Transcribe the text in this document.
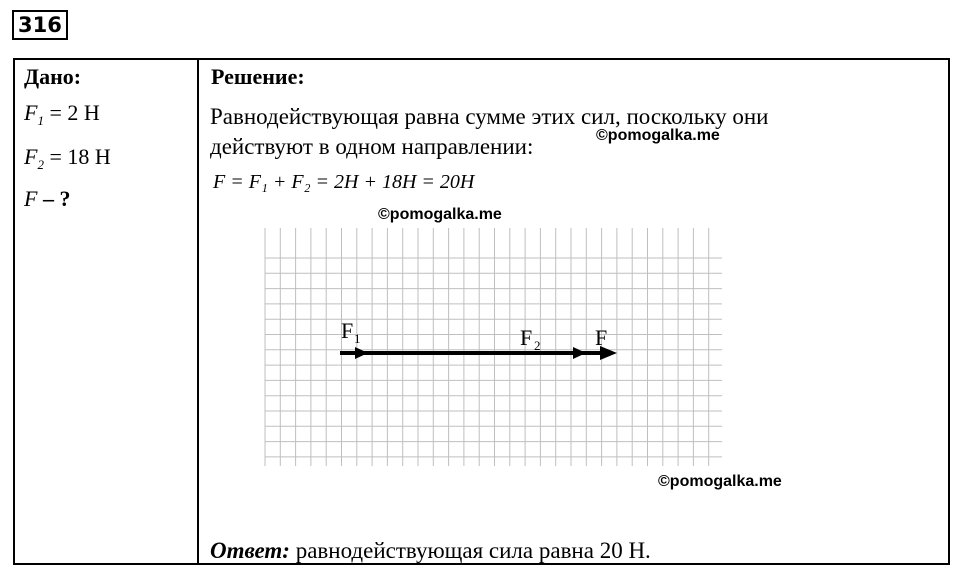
316
Дано:
$F_1 = 2$ Н
$F_2 = 18$ Н
F – ?
Решение:
Равнодействующая равна сумме этих сил, поскольку они
действуют в одном направлении:	©pomogalka.me
F = F₁ + F₂ = 2H + 18H = 20H
©pomogalka.me
F 1	F 2 F
©pomogalka.me
Ответ: равнодействующая сила равна 20 Н.
